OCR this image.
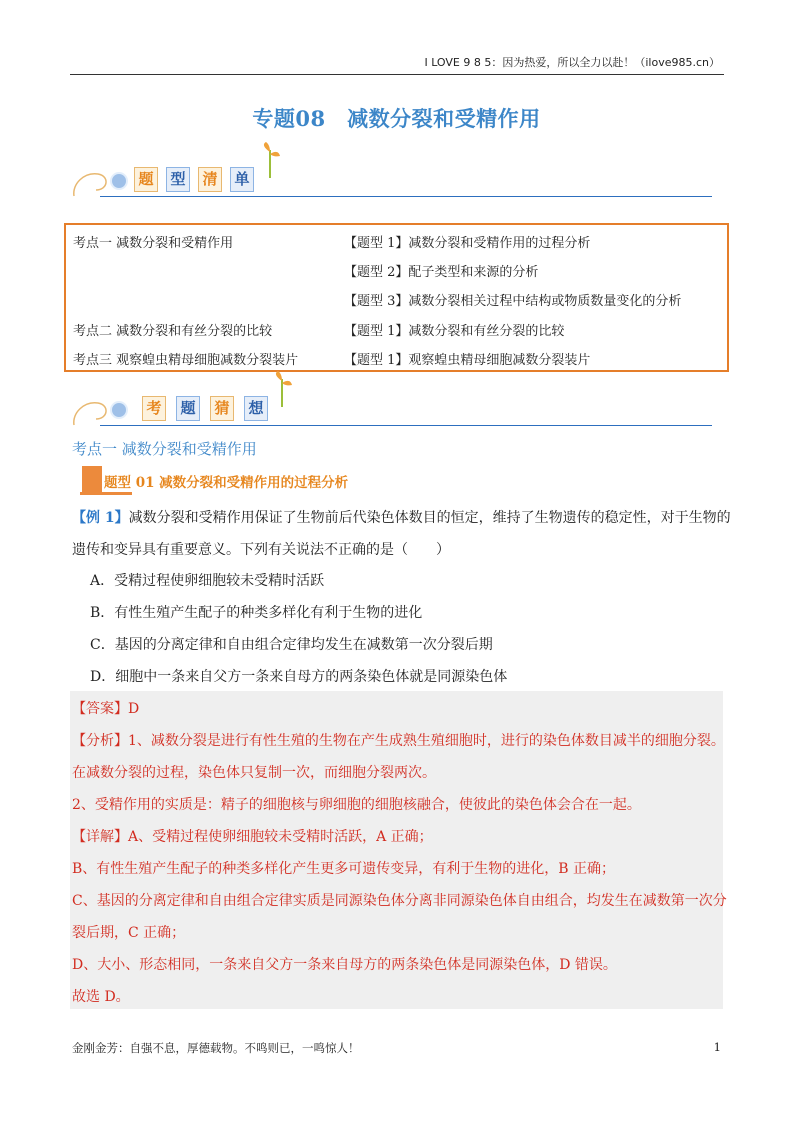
I LOVE 9 8 5：因为热爱，所以全力以赴！（ilove985.cn）
专题08　减数分裂和受精作用
题	型	清	单
考点一 减数分裂和受精作用	【题型 1】减数分裂和受精作用的过程分析
【题型 2】配子类型和来源的分析
【题型 3】减数分裂相关过程中结构或物质数量变化的分析
考点二 减数分裂和有丝分裂的比较	【题型 1】减数分裂和有丝分裂的比较
考点三 观察蝗虫精母细胞减数分裂装片	【题型 1】观察蝗虫精母细胞减数分裂装片
考	题	猜	想
考点一 减数分裂和受精作用
题型 01 减数分裂和受精作用的过程分析
【例 1】减数分裂和受精作用保证了生物前后代染色体数目的恒定，维持了生物遗传的稳定性，对于生物的
遗传和变异具有重要意义。下列有关说法不正确的是（　　）
A．受精过程使卵细胞较未受精时活跃
B．有性生殖产生配子的种类多样化有利于生物的进化
C．基因的分离定律和自由组合定律均发生在减数第一次分裂后期
D．细胞中一条来自父方一条来自母方的两条染色体就是同源染色体
【答案】D
【分析】1、减数分裂是进行有性生殖的生物在产生成熟生殖细胞时，进行的染色体数目减半的细胞分裂。
在减数分裂的过程，染色体只复制一次，而细胞分裂两次。
2、受精作用的实质是：精子的细胞核与卵细胞的细胞核融合，使彼此的染色体会合在一起。
【详解】A、受精过程使卵细胞较未受精时活跃，A 正确；
B、有性生殖产生配子的种类多样化产生更多可遗传变异，有利于生物的进化，B 正确；
C、基因的分离定律和自由组合定律实质是同源染色体分离非同源染色体自由组合，均发生在减数第一次分
裂后期，C 正确；
D、大小、形态相同，一条来自父方一条来自母方的两条染色体是同源染色体，D 错误。
故选 D。
金刚金芳：自强不息，厚德载物。不鸣则已，一鸣惊人！	1
